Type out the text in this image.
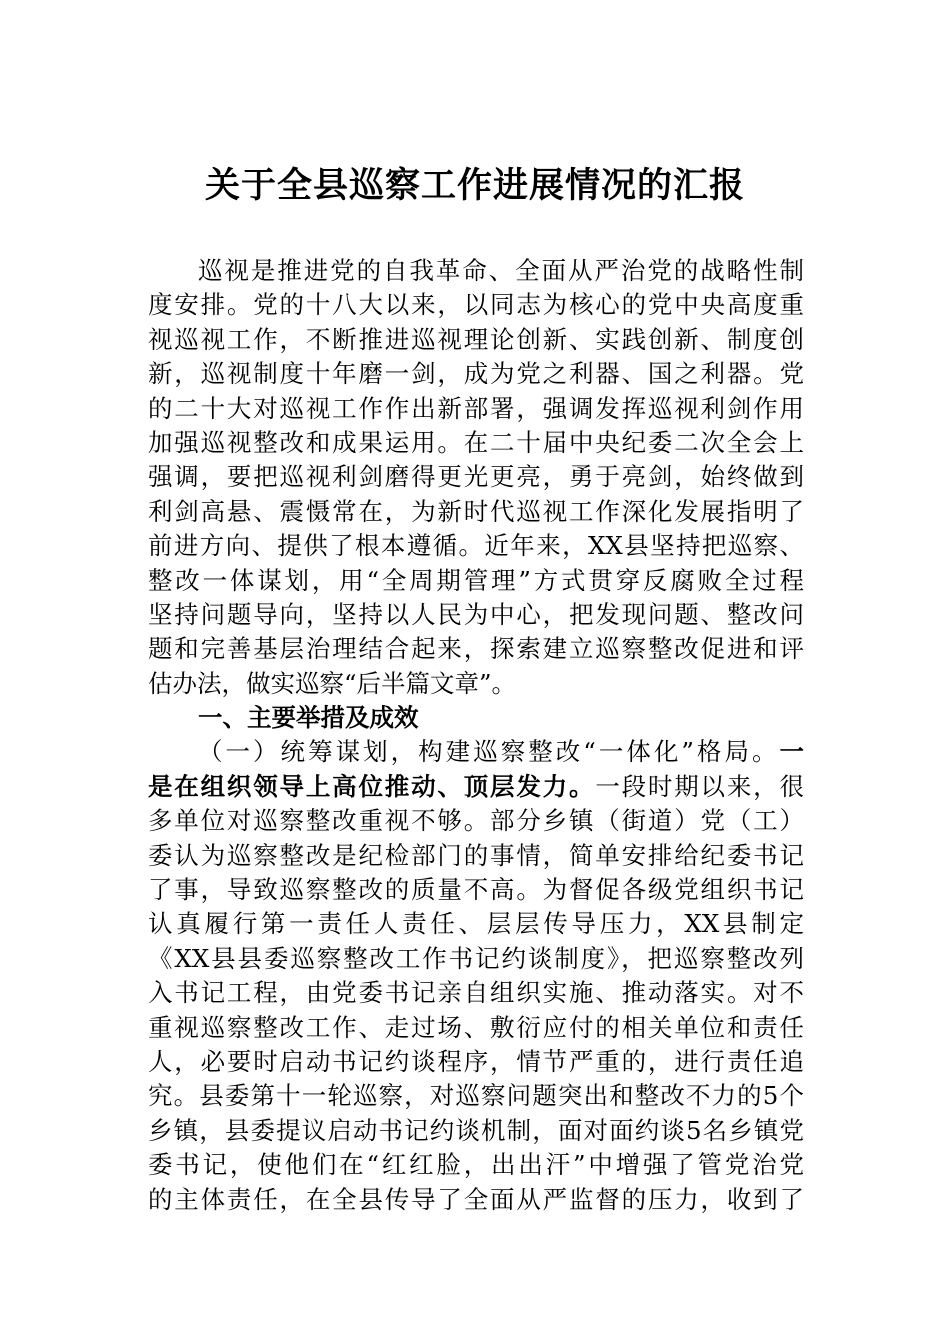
关于全县巡察工作进展情况的汇报
巡视是推进党的自我革命、全面从严治党的战略性制
度安排。党的十八大以来，以同志为核心的党中央高度重
视巡视工作，不断推进巡视理论创新、实践创新、制度创
新，巡视制度十年磨一剑，成为党之利器、国之利器。党
的二十大对巡视工作作出新部署，强调发挥巡视利剑作用
加强巡视整改和成果运用。在二十届中央纪委二次全会上
强调，要把巡视利剑磨得更光更亮，勇于亮剑，始终做到
利剑高悬、震慑常在，为新时代巡视工作深化发展指明了
前进方向、提供了根本遵循。近年来，XX县坚持把巡察、
整改一体谋划，用“全周期管理”方式贯穿反腐败全过程
坚持问题导向，坚持以人民为中心，把发现问题、整改问
题和完善基层治理结合起来，探索建立巡察整改促进和评
估办法，做实巡察“后半篇文章”。
一、主要举措及成效
（一）统筹谋划，构建巡察整改“一体化”格局。一
是在组织领导上高位推动、顶层发力。一段时期以来，很
多单位对巡察整改重视不够。部分乡镇（街道）党（工）
委认为巡察整改是纪检部门的事情，简单安排给纪委书记
了事，导致巡察整改的质量不高。为督促各级党组织书记
认真履行第一责任人责任、层层传导压力，XX县制定
《XX县县委巡察整改工作书记约谈制度》，把巡察整改列
入书记工程，由党委书记亲自组织实施、推动落实。对不
重视巡察整改工作、走过场、敷衍应付的相关单位和责任
人，必要时启动书记约谈程序，情节严重的，进行责任追
究。县委第十一轮巡察，对巡察问题突出和整改不力的5个
乡镇，县委提议启动书记约谈机制，面对面约谈5名乡镇党
委书记，使他们在“红红脸，出出汗”中增强了管党治党
的主体责任，在全县传导了全面从严监督的压力，收到了
